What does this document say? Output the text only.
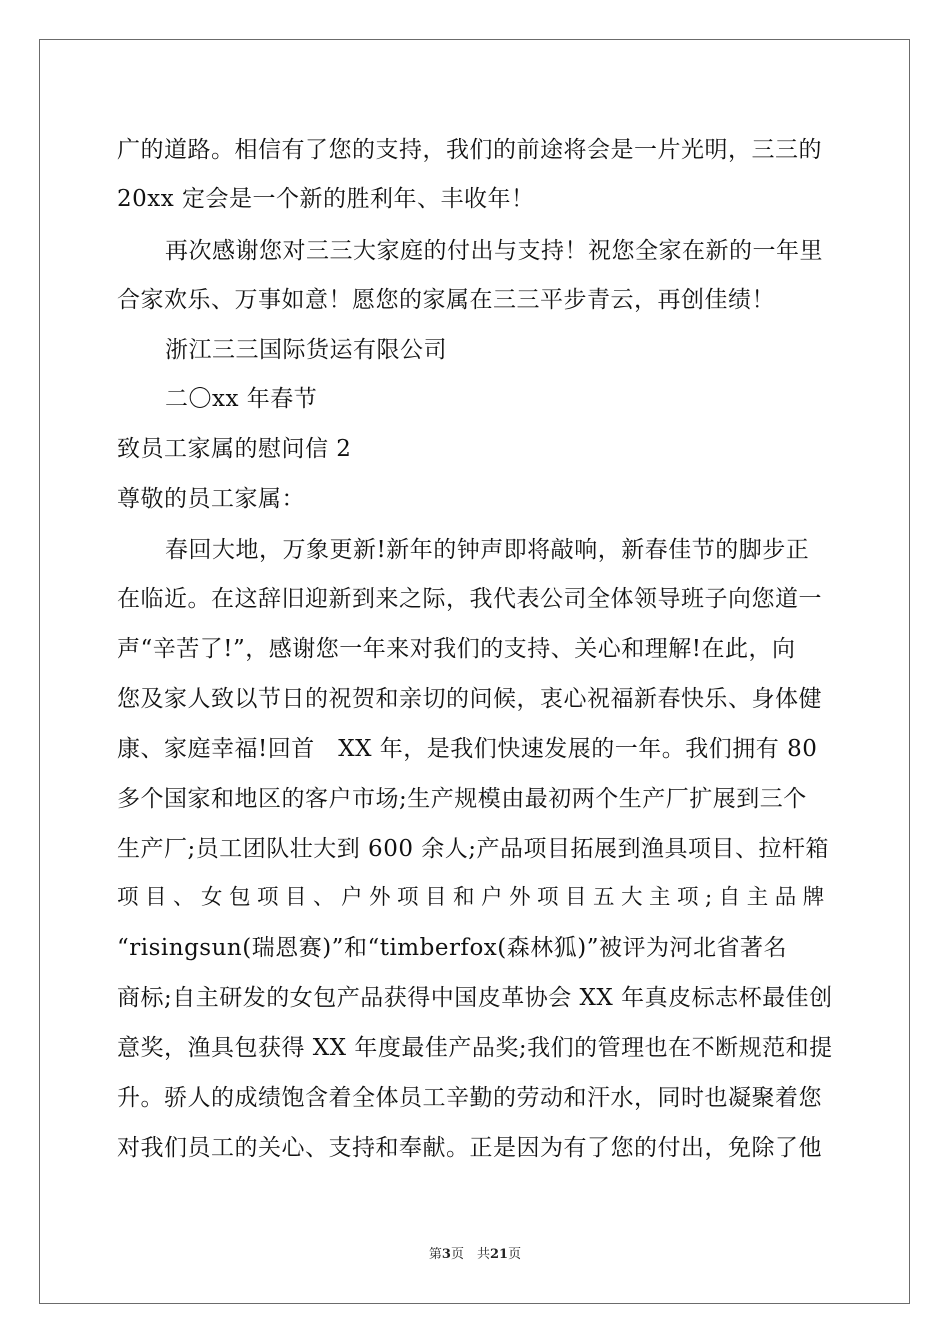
广的道路。相信有了您的支持，我们的前途将会是一片光明，三三的
20xx 定会是一个新的胜利年、丰收年！
再次感谢您对三三大家庭的付出与支持！祝您全家在新的一年里
合家欢乐、万事如意！愿您的家属在三三平步青云，再创佳绩！
浙江三三国际货运有限公司
二〇xx 年春节
致员工家属的慰问信 2
尊敬的员工家属：
春回大地，万象更新!新年的钟声即将敲响，新春佳节的脚步正
在临近。在这辞旧迎新到来之际，我代表公司全体领导班子向您道一
声“辛苦了!”，感谢您一年来对我们的支持、关心和理解!在此，向
您及家人致以节日的祝贺和亲切的问候，衷心祝福新春快乐、身体健
康、家庭幸福!回首　XX 年，是我们快速发展的一年。我们拥有 80
多个国家和地区的客户市场;生产规模由最初两个生产厂扩展到三个
生产厂;员工团队壮大到 600 余人;产品项目拓展到渔具项目、拉杆箱
项目、女包项目、户外项目和户外项目五大主项;自主品牌
“risingsun(瑞恩赛)”和“timberfox(森林狐)”被评为河北省著名
商标;自主研发的女包产品获得中国皮革协会 XX 年真皮标志杯最佳创
意奖，渔具包获得 XX 年度最佳产品奖;我们的管理也在不断规范和提
升。骄人的成绩饱含着全体员工辛勤的劳动和汗水，同时也凝聚着您
对我们员工的关心、支持和奉献。正是因为有了您的付出，免除了他
第3页　共21页
